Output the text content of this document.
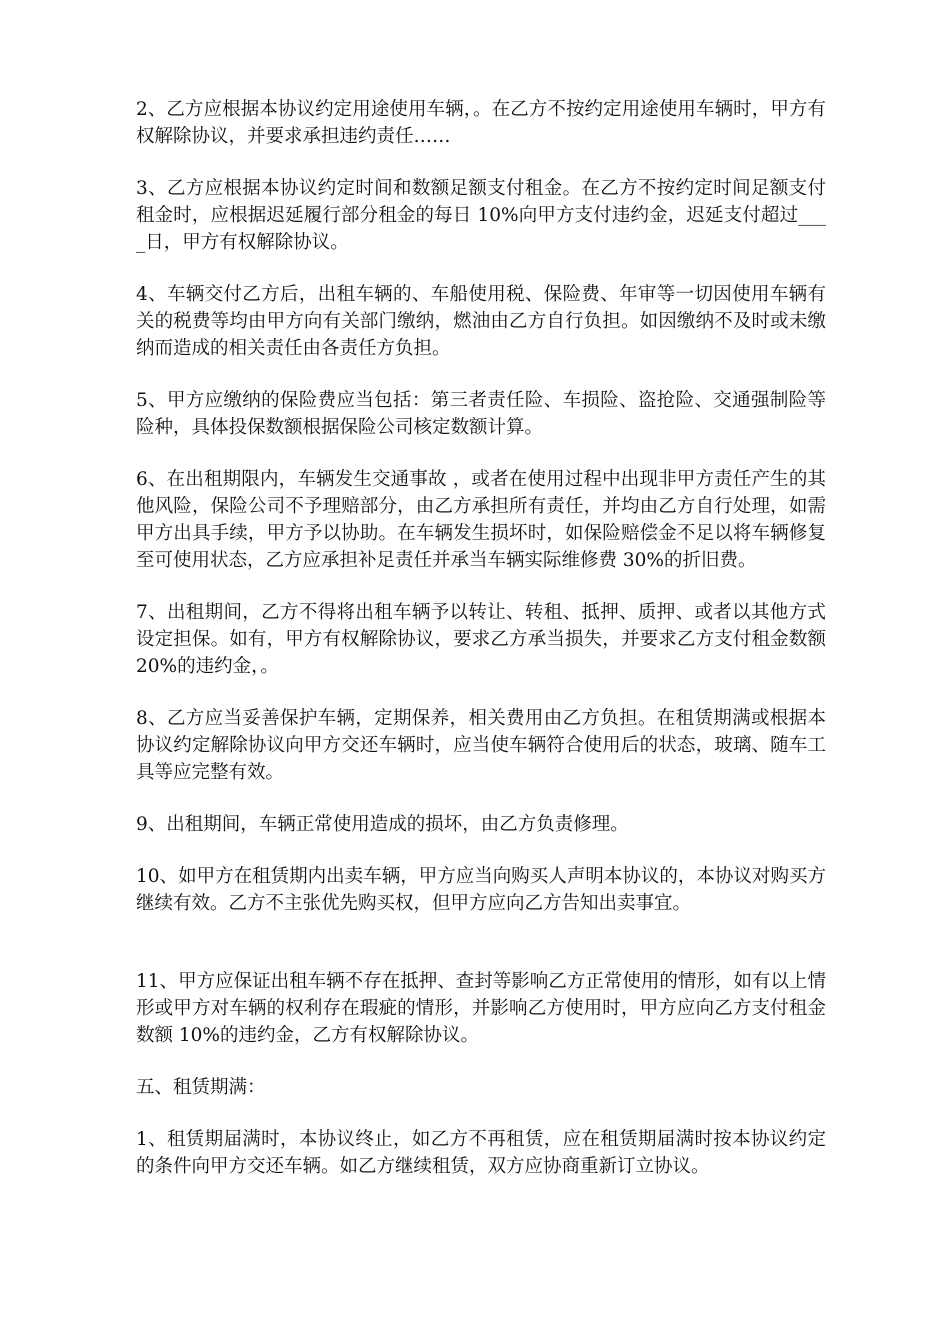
2、乙方应根据本协议约定用途使用车辆，。在乙方不按约定用途使用车辆时，甲方有权解除协议，并要求承担违约责任……

3、乙方应根据本协议约定时间和数额足额支付租金。在乙方不按约定时间足额支付租金时，应根据迟延履行部分租金的每日 10%向甲方支付违约金，迟延支付超过____日，甲方有权解除协议。

4、车辆交付乙方后，出租车辆的、车船使用税、保险费、年审等一切因使用车辆有关的税费等均由甲方向有关部门缴纳，燃油由乙方自行负担。如因缴纳不及时或未缴纳而造成的相关责任由各责任方负担。

5、甲方应缴纳的保险费应当包括：第三者责任险、车损险、盗抢险、交通强制险等险种，具体投保数额根据保险公司核定数额计算。

6、在出租期限内，车辆发生交通事故 ，或者在使用过程中出现非甲方责任产生的其他风险，保险公司不予理赔部分，由乙方承担所有责任，并均由乙方自行处理，如需甲方出具手续，甲方予以协助。在车辆发生损坏时，如保险赔偿金不足以将车辆修复至可使用状态，乙方应承担补足责任并承当车辆实际维修费 30%的折旧费。

7、出租期间，乙方不得将出租车辆予以转让、转租、抵押、质押、或者以其他方式设定担保。如有，甲方有权解除协议，要求乙方承当损失，并要求乙方支付租金数额 20%的违约金，。

8、乙方应当妥善保护车辆，定期保养，相关费用由乙方负担。在租赁期满或根据本协议约定解除协议向甲方交还车辆时，应当使车辆符合使用后的状态，玻璃、随车工具等应完整有效。

9、出租期间，车辆正常使用造成的损坏，由乙方负责修理。

10、如甲方在租赁期内出卖车辆，甲方应当向购买人声明本协议的，本协议对购买方继续有效。乙方不主张优先购买权，但甲方应向乙方告知出卖事宜。

11、甲方应保证出租车辆不存在抵押、查封等影响乙方正常使用的情形，如有以上情形或甲方对车辆的权利存在瑕疵的情形，并影响乙方使用时，甲方应向乙方支付租金数额 10%的违约金，乙方有权解除协议。

五、租赁期满：

1、租赁期届满时，本协议终止，如乙方不再租赁，应在租赁期届满时按本协议约定的条件向甲方交还车辆。如乙方继续租赁，双方应协商重新订立协议。
